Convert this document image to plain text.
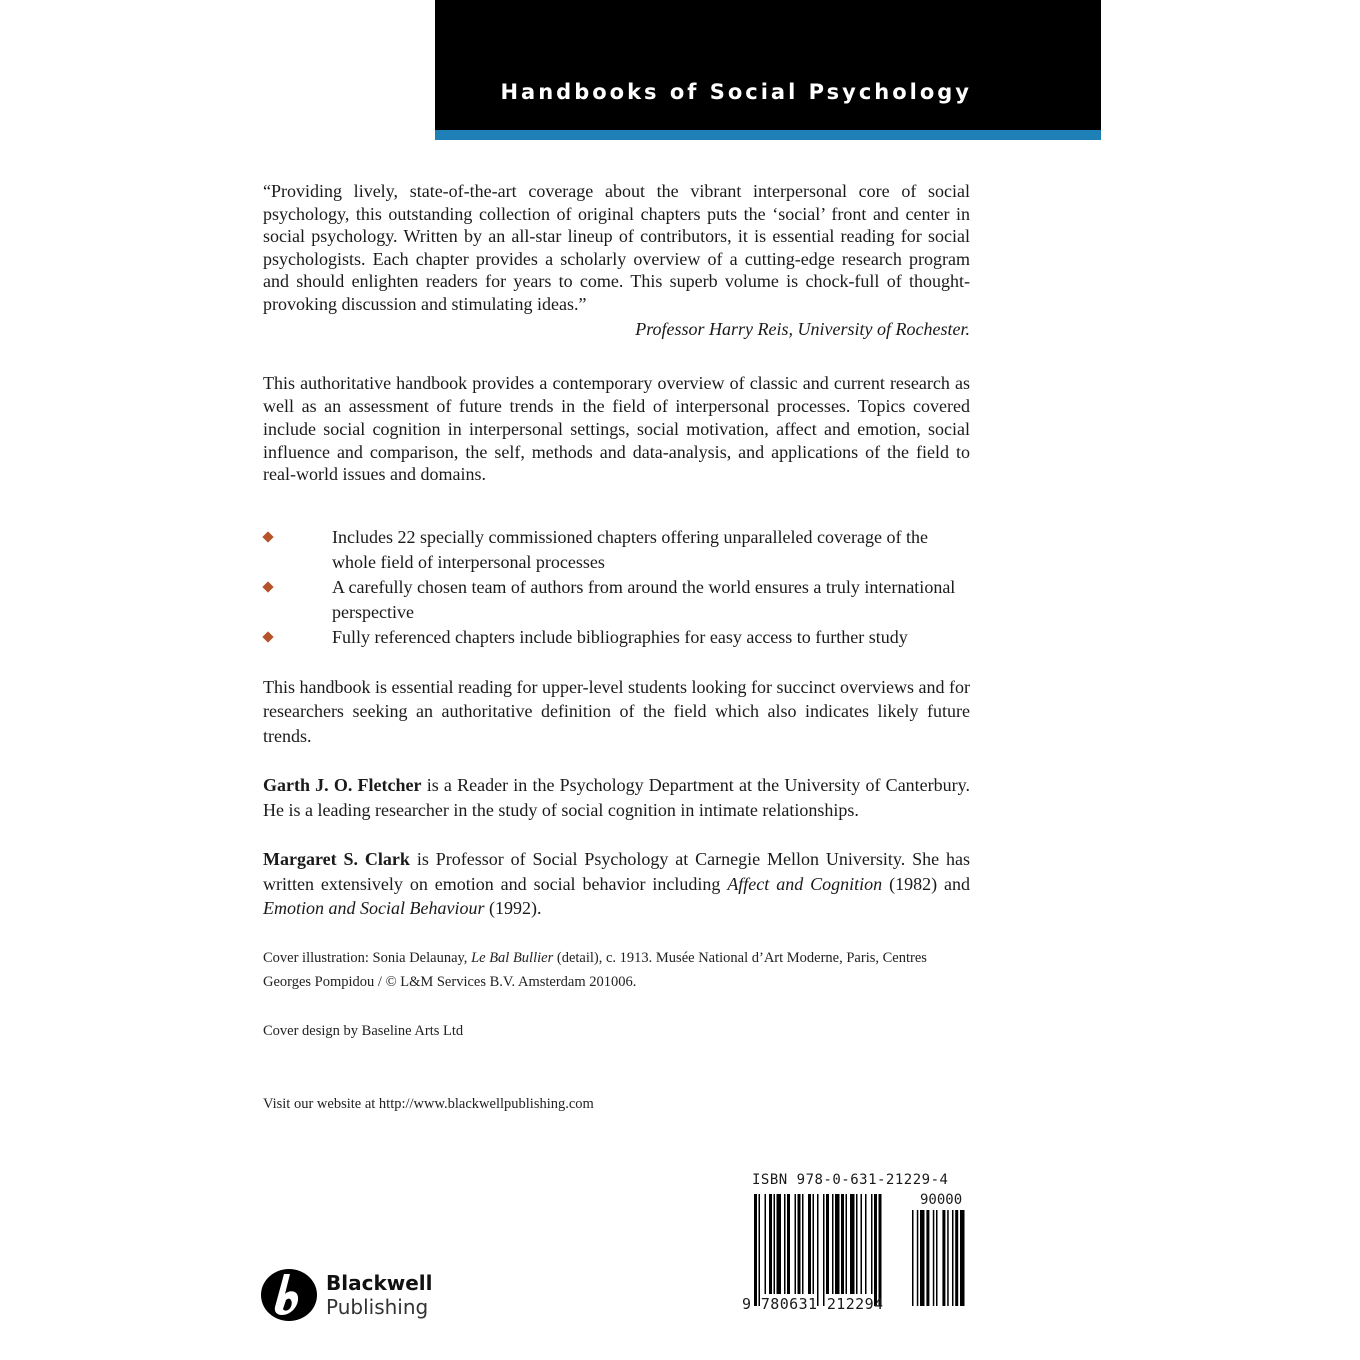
Handbooks of Social Psychology

“Providing lively, state-of-the-art coverage about the vibrant interpersonal core of social psychology, this outstanding collection of original chapters puts the ‘social’ front and center in social psychology. Written by an all-star lineup of contributors, it is essential reading for social psychologists. Each chapter provides a scholarly overview of a cutting-edge research program and should enlighten readers for years to come. This superb volume is chock-full of thought-provoking discussion and stimulating ideas.”

Professor Harry Reis, University of Rochester.

This authoritative handbook provides a contemporary overview of classic and current research as well as an assessment of future trends in the field of interpersonal processes. Topics covered include social cognition in interpersonal settings, social motivation, affect and emotion, social influence and comparison, the self, methods and data-analysis, and applications of the field to real-world issues and domains.

Includes 22 specially commissioned chapters offering unparalleled coverage of the whole field of interpersonal processes
A carefully chosen team of authors from around the world ensures a truly international perspective
Fully referenced chapters include bibliographies for easy access to further study

This handbook is essential reading for upper-level students looking for succinct overviews and for researchers seeking an authoritative definition of the field which also indicates likely future trends.

Garth J. O. Fletcher is a Reader in the Psychology Department at the University of Canterbury. He is a leading researcher in the study of social cognition in intimate relationships.

Margaret S. Clark is Professor of Social Psychology at Carnegie Mellon University. She has written extensively on emotion and social behavior including Affect and Cognition (1982) and Emotion and Social Behaviour (1992).

Cover illustration: Sonia Delaunay, Le Bal Bullier (detail), c. 1913. Musée National d’Art Moderne, Paris, Centres Georges Pompidou / © L&M Services B.V. Amsterdam 201006.

Cover design by Baseline Arts Ltd

Visit our website at http://www.blackwellpublishing.com

ISBN 978-0-631-21229-4
90000
9 780631 212294
Blackwell
Publishing
